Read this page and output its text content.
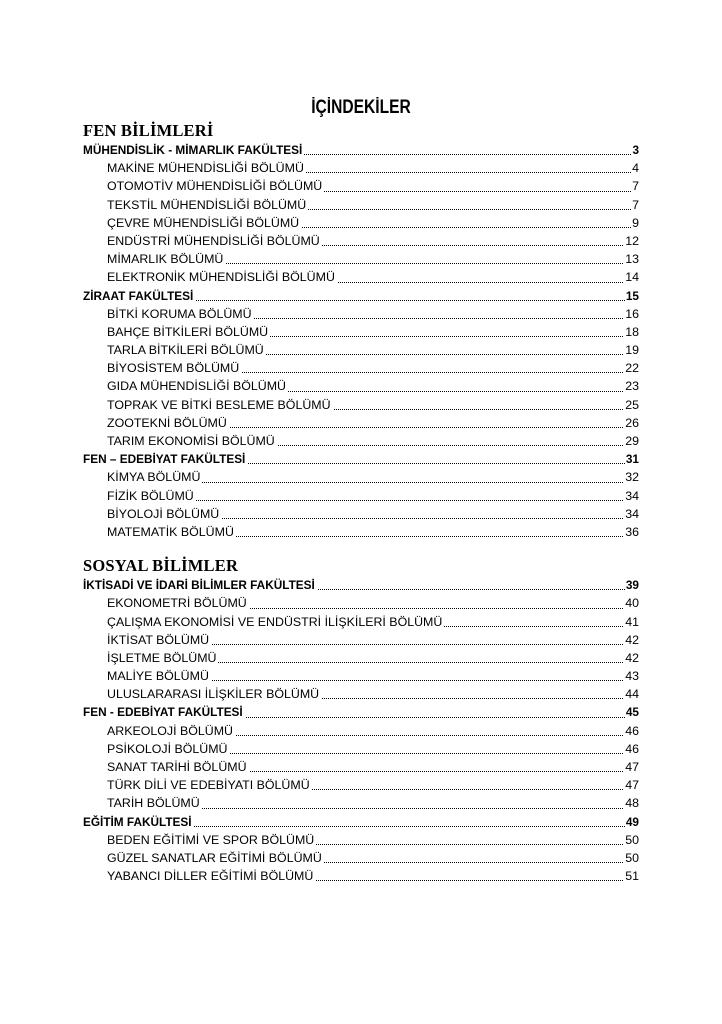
İÇİNDEKİLER
FEN BİLİMLERİ
MÜHENDİSLİK - MİMARLIK FAKÜLTESİ	3
MAKİNE MÜHENDİSLİĞİ BÖLÜMÜ	4
OTOMOTİV MÜHENDİSLİĞİ BÖLÜMÜ	7
TEKSTİL MÜHENDİSLİĞİ BÖLÜMÜ	7
ÇEVRE MÜHENDİSLİĞİ BÖLÜMÜ	9
ENDÜSTRİ MÜHENDİSLİĞİ BÖLÜMÜ	12
MİMARLIK BÖLÜMÜ	13
ELEKTRONİK MÜHENDİSLİĞİ BÖLÜMÜ	14
ZİRAAT FAKÜLTESİ	15
BİTKİ KORUMA BÖLÜMÜ	16
BAHÇE BİTKİLERİ BÖLÜMÜ	18
TARLA BİTKİLERİ BÖLÜMÜ	19
BİYOSİSTEM BÖLÜMÜ	22
GIDA MÜHENDİSLİĞİ BÖLÜMÜ	23
TOPRAK VE BİTKİ BESLEME BÖLÜMÜ	25
ZOOTEKNİ BÖLÜMÜ	26
TARIM EKONOMİSİ BÖLÜMÜ	29
FEN – EDEBİYAT FAKÜLTESİ	31
KİMYA BÖLÜMÜ	32
FİZİK BÖLÜMÜ	34
BİYOLOJİ BÖLÜMÜ	34
MATEMATİK BÖLÜMÜ	36
SOSYAL BİLİMLER
İKTİSADİ VE İDARİ BİLİMLER FAKÜLTESİ	39
EKONOMETRİ BÖLÜMÜ	40
ÇALIŞMA EKONOMİSİ VE ENDÜSTRİ İLİŞKİLERİ BÖLÜMÜ	41
İKTİSAT BÖLÜMÜ	42
İŞLETME BÖLÜMÜ	42
MALİYE BÖLÜMÜ	43
ULUSLARARASI İLİŞKİLER BÖLÜMÜ	44
FEN - EDEBİYAT FAKÜLTESİ	45
ARKEOLOJİ BÖLÜMÜ	46
PSİKOLOJİ BÖLÜMÜ	46
SANAT TARİHİ BÖLÜMÜ	47
TÜRK DİLİ VE EDEBİYATI BÖLÜMÜ	47
TARİH BÖLÜMÜ	48
EĞİTİM FAKÜLTESİ	49
BEDEN EĞİTİMİ VE SPOR BÖLÜMÜ	50
GÜZEL SANATLAR EĞİTİMİ BÖLÜMÜ	50
YABANCI DİLLER EĞİTİMİ BÖLÜMÜ	51
